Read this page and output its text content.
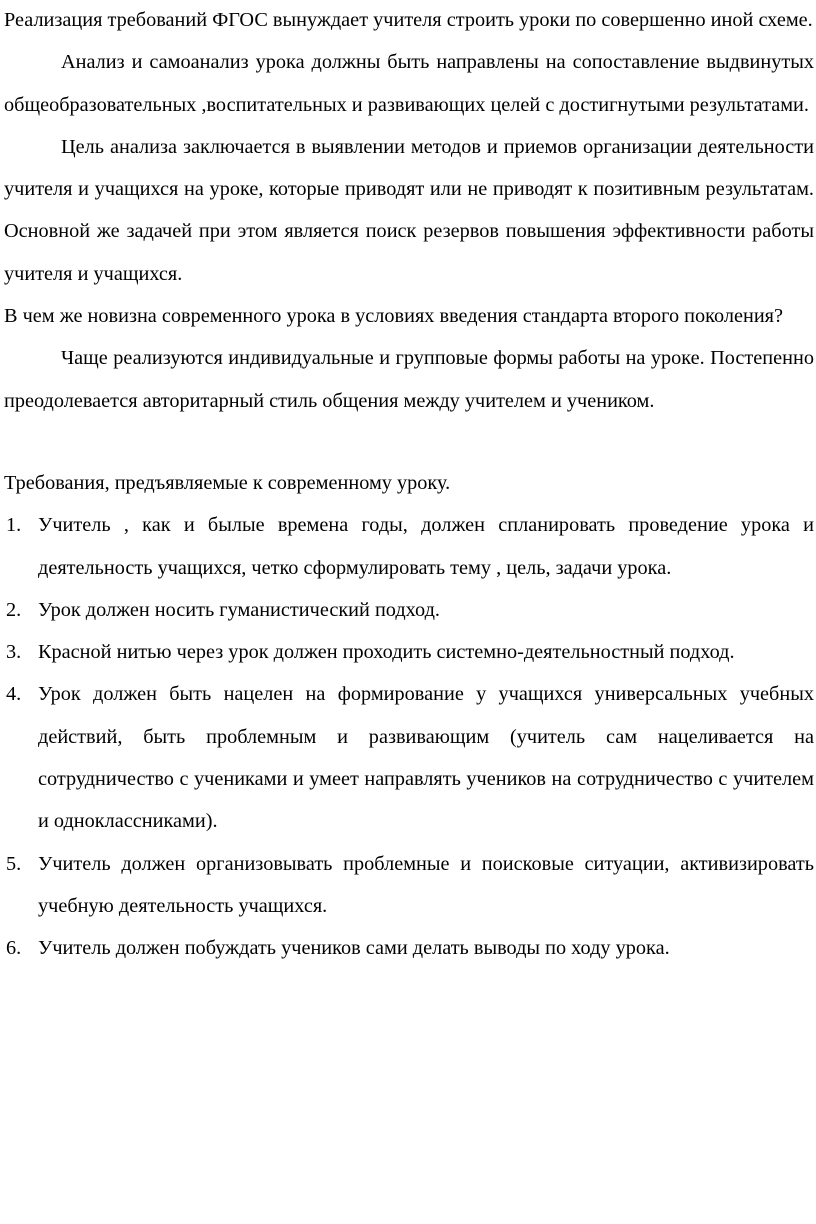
Реализация требований ФГОС вынуждает учителя строить уроки по совершенно иной схеме.

Анализ и самоанализ урока должны быть направлены на сопоставление выдвинутых общеобразовательных ,воспитательных и развивающих целей с достигнутыми результатами.

Цель анализа заключается в выявлении методов и приемов организации деятельности учителя и учащихся на уроке, которые приводят или не приводят к позитивным результатам. Основной же задачей при этом является поиск резервов повышения эффективности работы учителя и учащихся.

В чем же новизна современного урока в условиях введения стандарта второго поколения?

Чаще реализуются индивидуальные и групповые формы работы на уроке. Постепенно преодолевается авторитарный стиль общения между учителем и учеником.

Требования, предъявляемые к современному уроку.

1. Учитель , как и былые времена годы, должен спланировать проведение урока и деятельность учащихся, четко сформулировать тему , цель, задачи урока.
2. Урок должен носить гуманистический подход.
3. Красной нитью через урок должен проходить системно-деятельностный подход.
4. Урок должен быть нацелен на формирование у учащихся универсальных учебных действий, быть проблемным и развивающим (учитель сам нацеливается на сотрудничество с учениками и умеет направлять учеников на сотрудничество с учителем и одноклассниками).
5. Учитель должен организовывать проблемные и поисковые ситуации, активизировать учебную деятельность учащихся.
6. Учитель должен побуждать учеников сами делать выводы по ходу урока.
